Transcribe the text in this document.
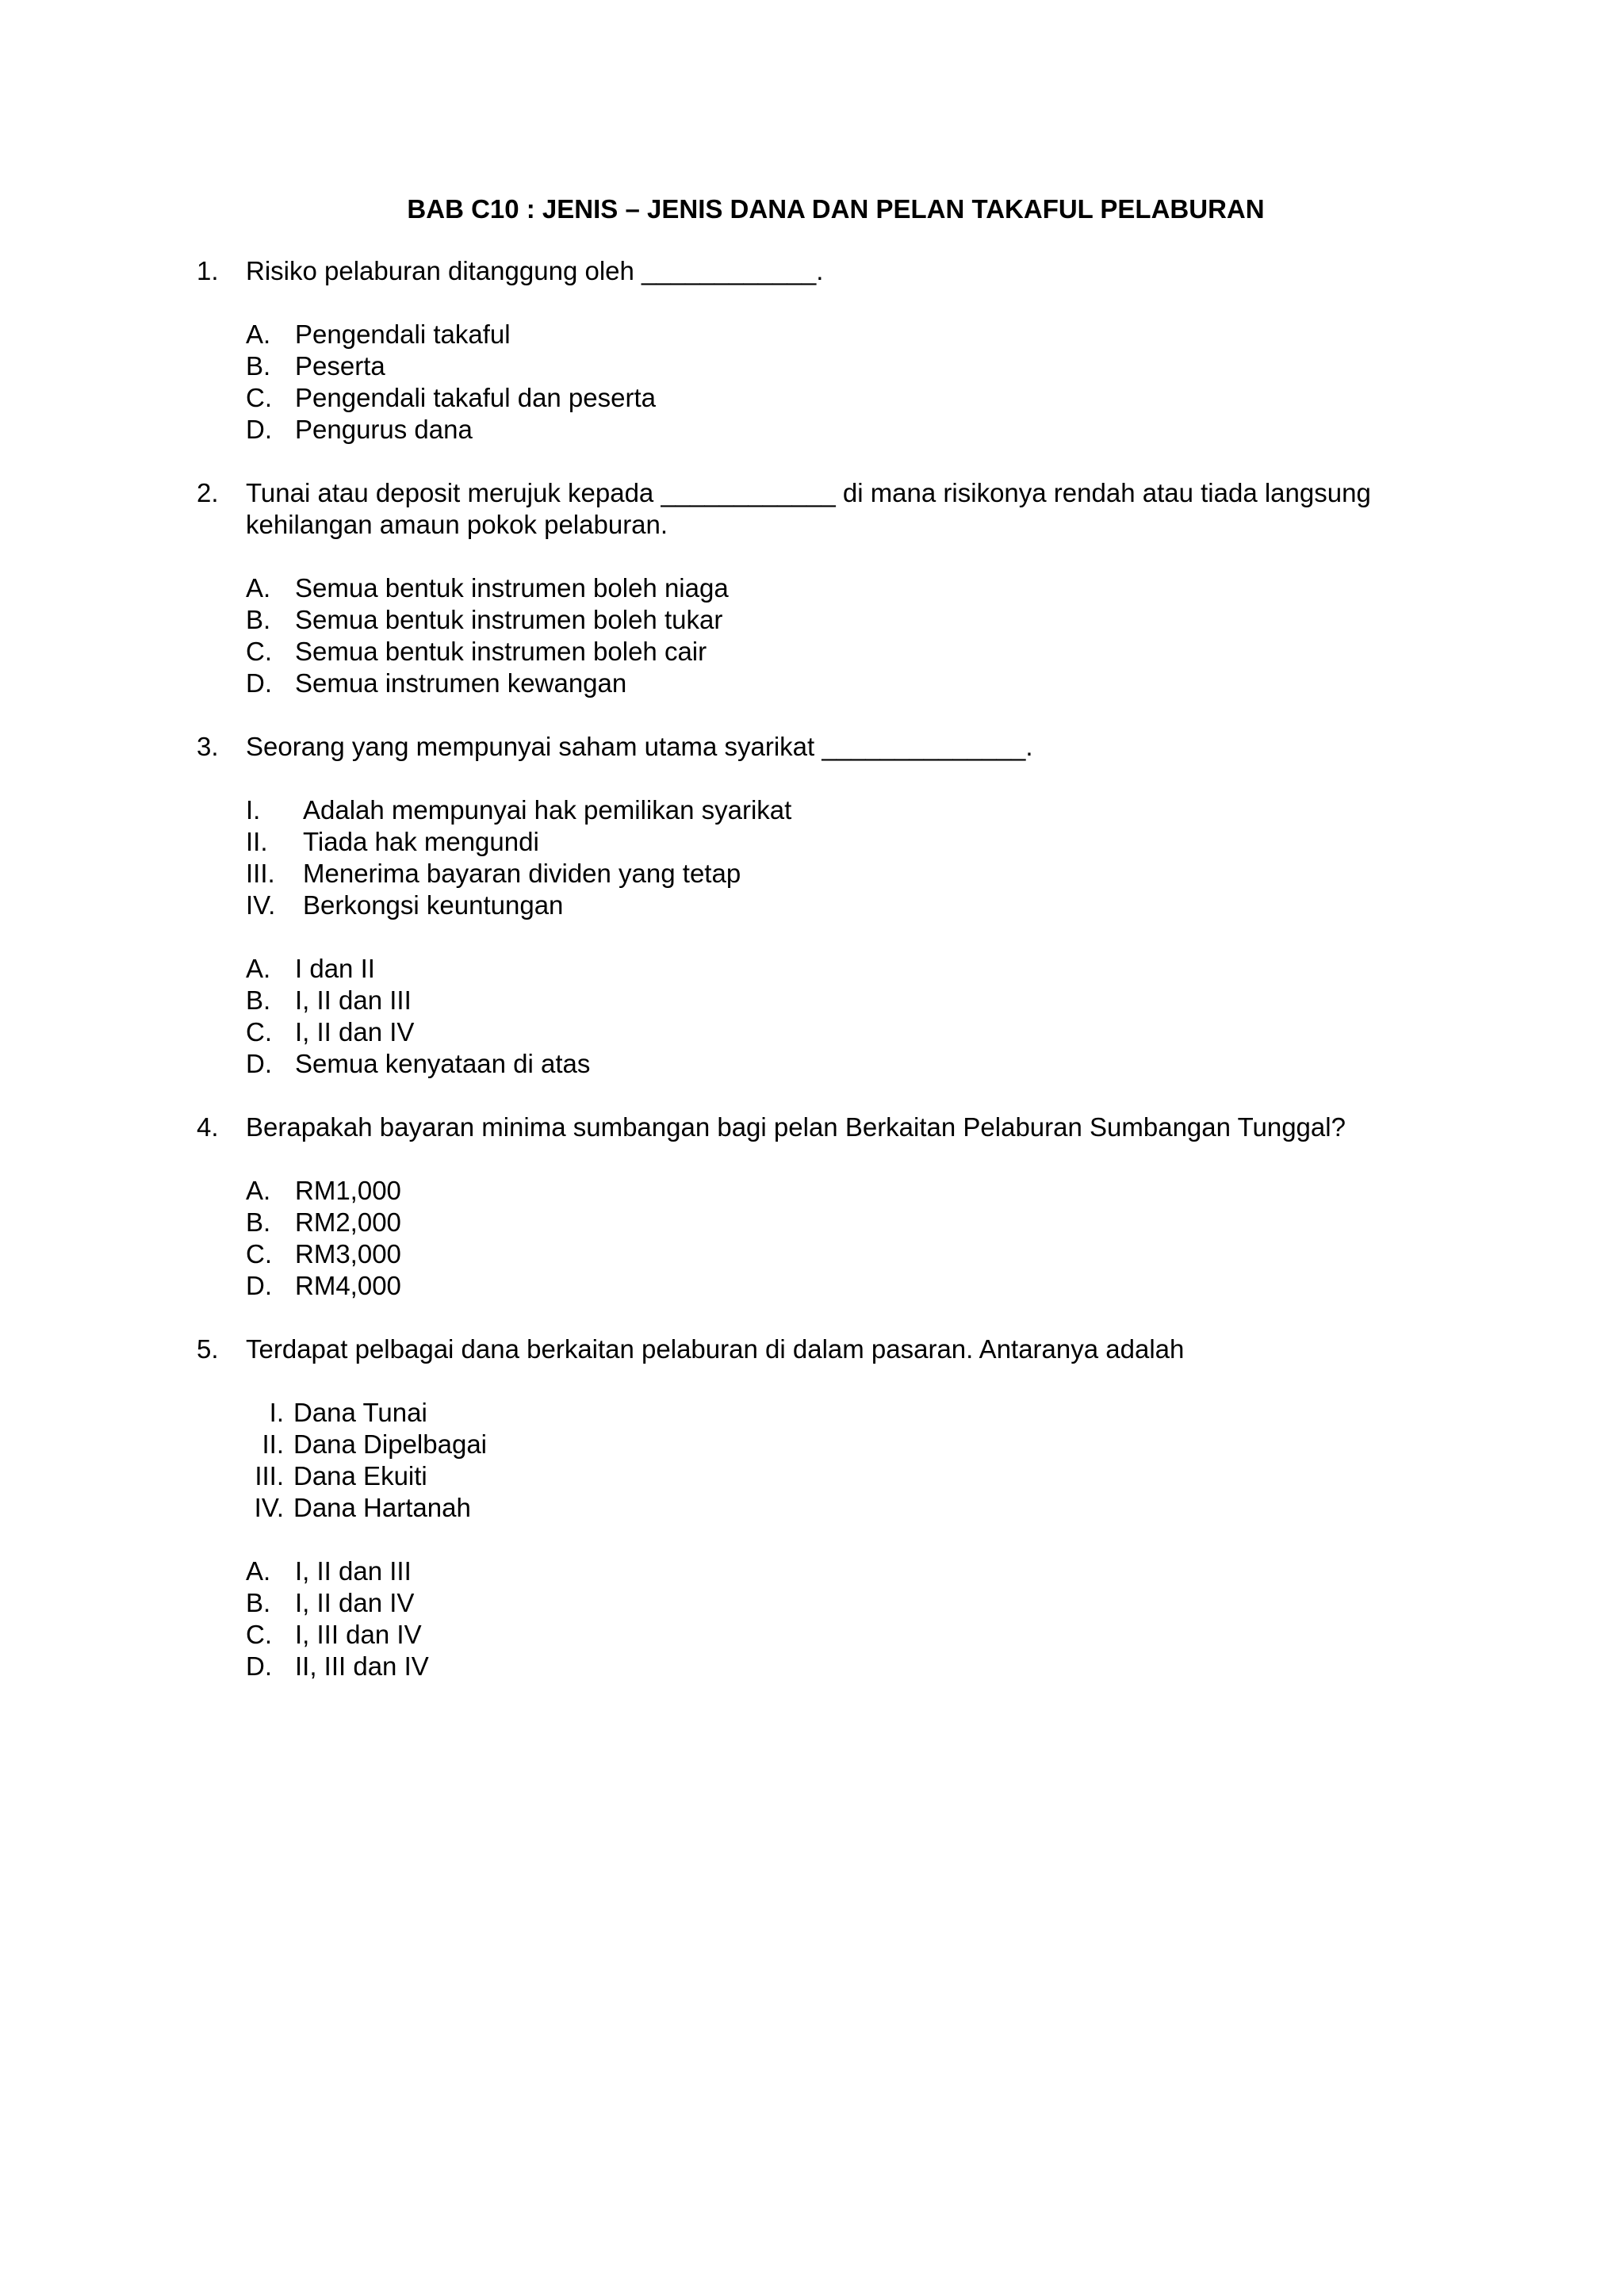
BAB C10 : JENIS – JENIS DANA DAN PELAN TAKAFUL PELABURAN
1. Risiko pelaburan ditanggung oleh ____________.
A. Pengendali takaful
B. Peserta
C. Pengendali takaful dan peserta
D. Pengurus dana
2. Tunai atau deposit merujuk kepada ____________ di mana risikonya rendah atau tiada langsung kehilangan amaun pokok pelaburan.
A. Semua bentuk instrumen boleh niaga
B. Semua bentuk instrumen boleh tukar
C. Semua bentuk instrumen boleh cair
D. Semua instrumen kewangan
3. Seorang yang mempunyai saham utama syarikat ______________.
I. Adalah mempunyai hak pemilikan syarikat
II. Tiada hak mengundi
III. Menerima bayaran dividen yang tetap
IV. Berkongsi keuntungan
A. I dan II
B. I, II dan III
C. I, II dan IV
D. Semua kenyataan di atas
4. Berapakah bayaran minima sumbangan bagi pelan Berkaitan Pelaburan Sumbangan Tunggal?
A. RM1,000
B. RM2,000
C. RM3,000
D. RM4,000
5. Terdapat pelbagai dana berkaitan pelaburan di dalam pasaran. Antaranya adalah
I. Dana Tunai
II. Dana Dipelbagai
III. Dana Ekuiti
IV. Dana Hartanah
A. I, II dan III
B. I, II dan IV
C. I, III dan IV
D. II, III dan IV
